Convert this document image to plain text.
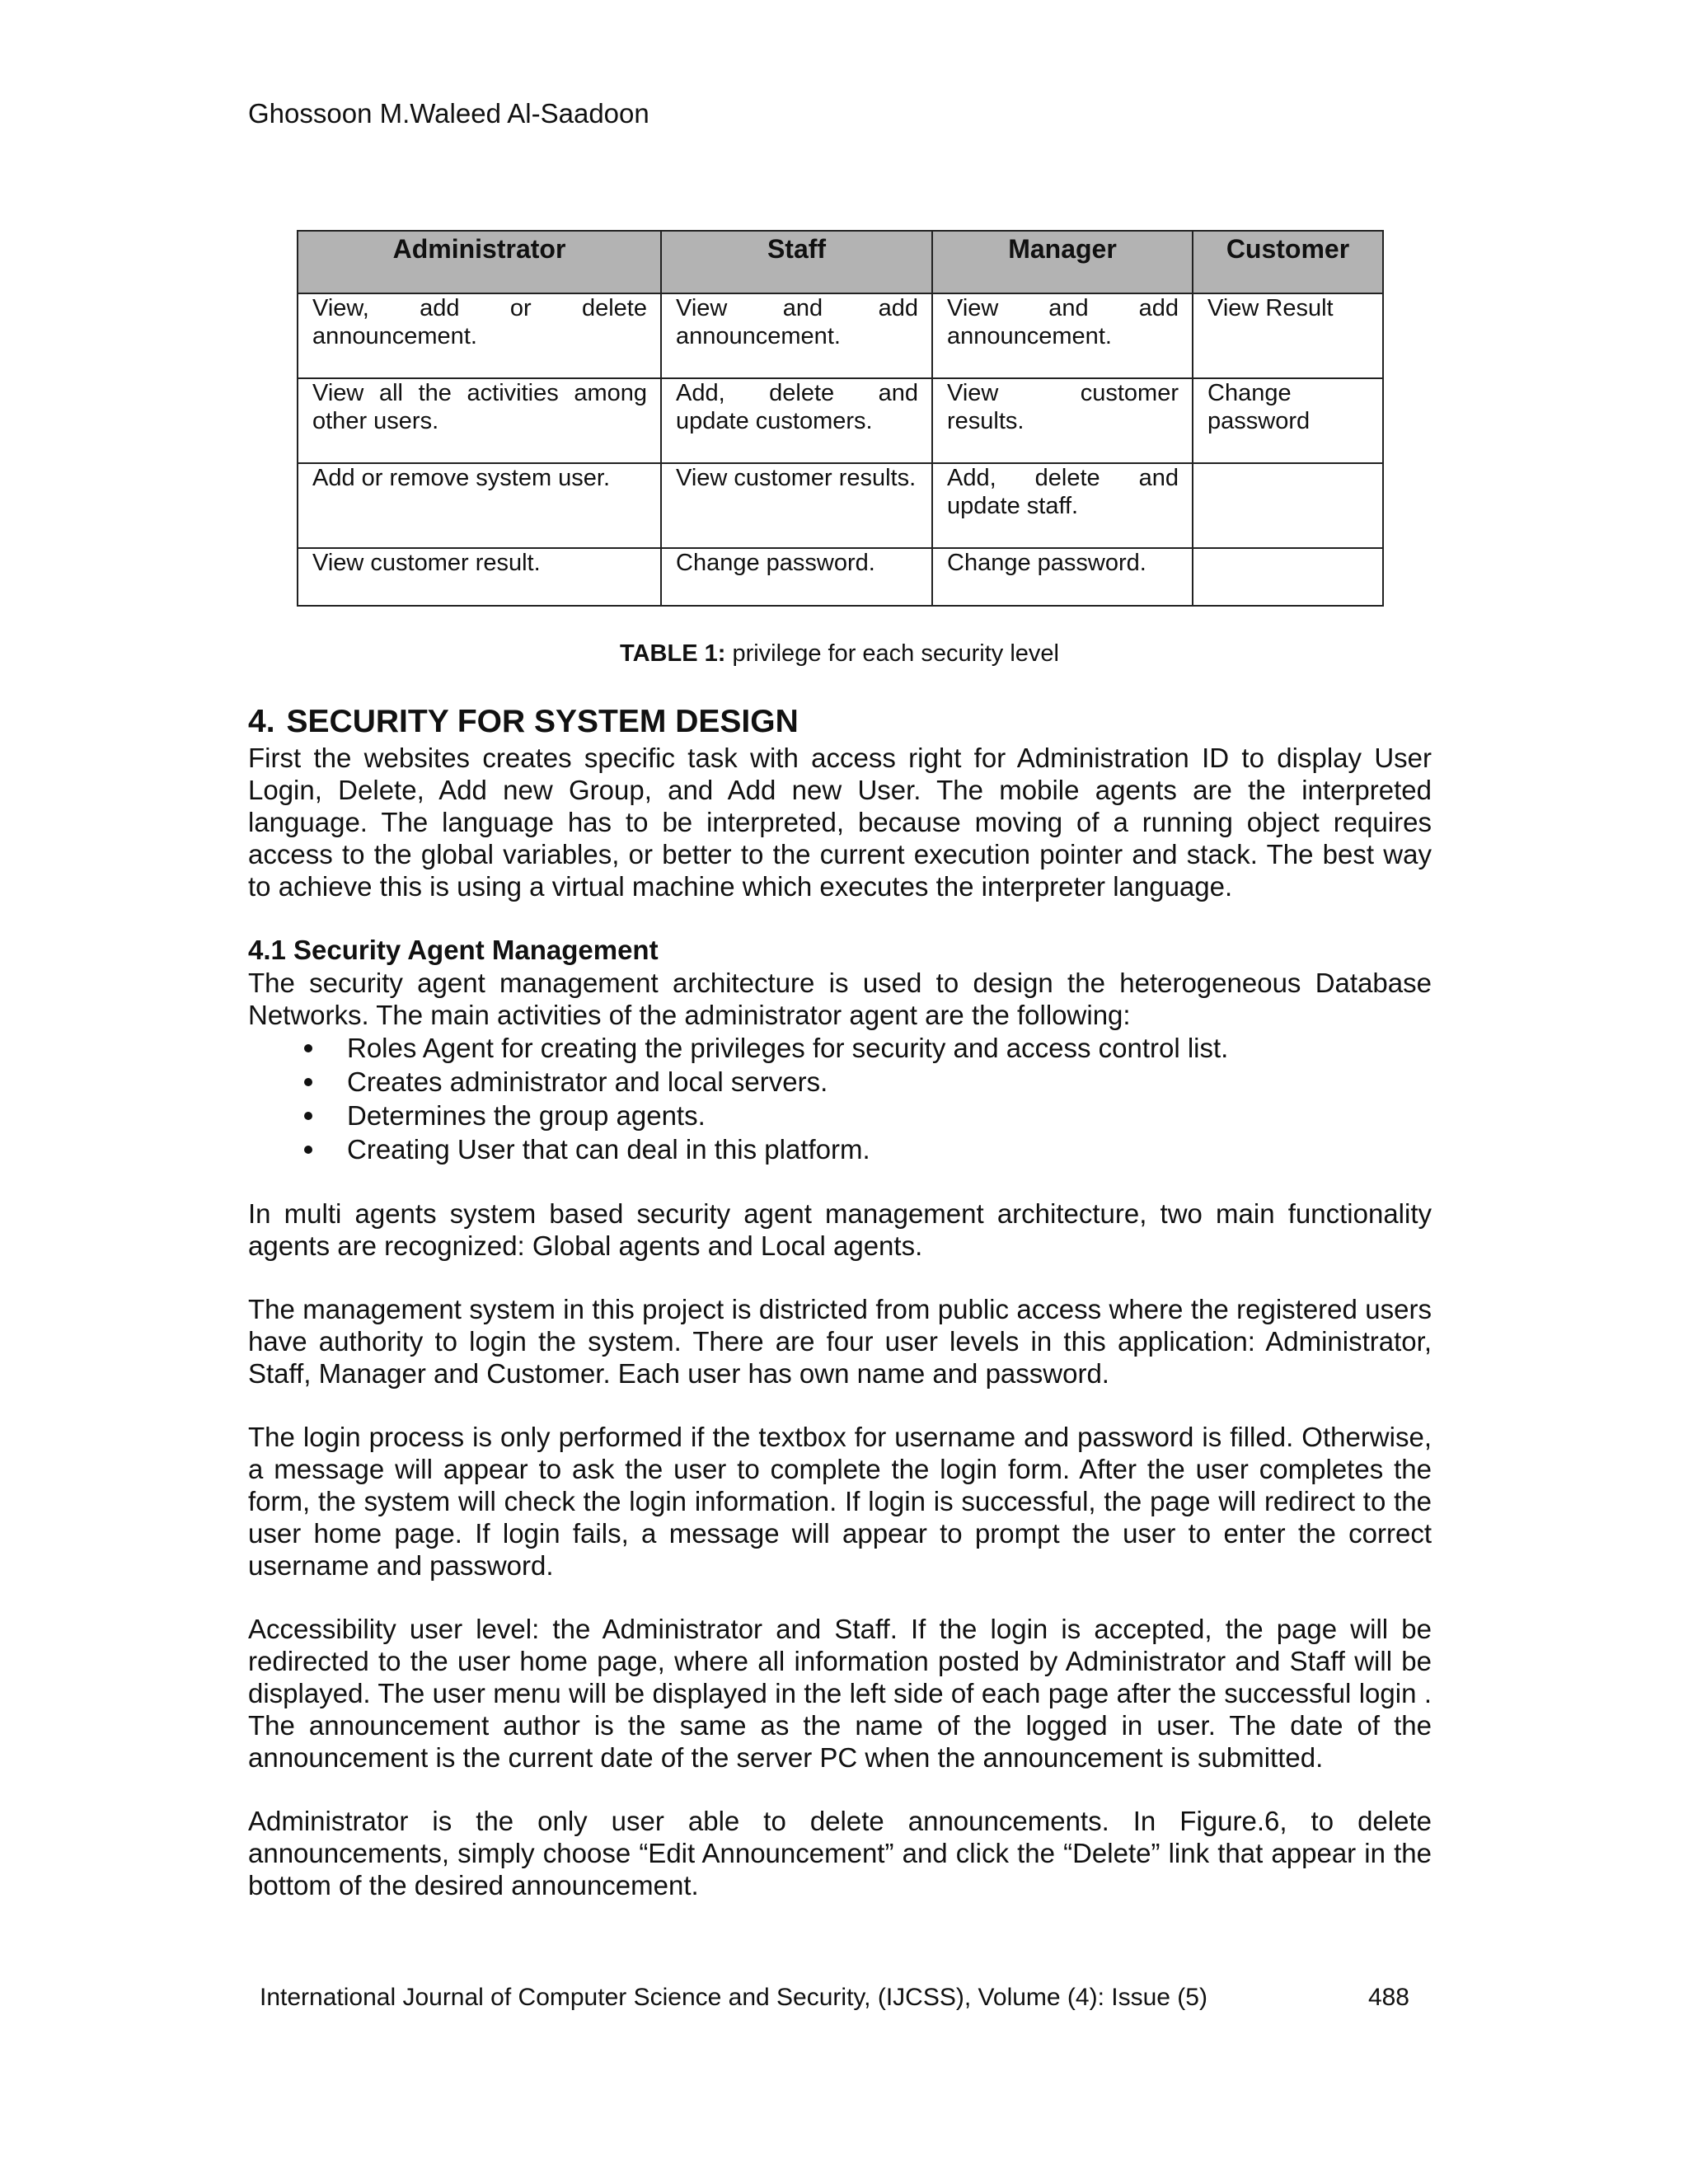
Ghossoon M.Waleed Al-Saadoon
Administrator	Staff	Manager	Customer

View, add or delete announcement.	View and add announcement.	View and add announcement.	View Result

View all the activities among other users.	Add, delete and update customers.	View customer results.	Change password

Add or remove system user.	View customer results.	Add, delete and update staff.	

View customer result.	Change password.	Change password.	

TABLE 1: privilege for each security level

4. SECURITY FOR SYSTEM DESIGN

First the websites creates specific task with access right for Administration ID to display User Login, Delete, Add new Group, and Add new User. The mobile agents are the interpreted language. The language has to be interpreted, because moving of a running object requires access to the global variables, or better to the current execution pointer and stack. The best way to achieve this is using a virtual machine which executes the interpreter language.

4.1 Security Agent Management

The security agent management architecture is used to design the heterogeneous Database Networks. The main activities of the administrator agent are the following:

Roles Agent for creating the privileges for security and access control list.
Creates administrator and local servers.
Determines the group agents.
Creating User that can deal in this platform.

In multi agents system based security agent management architecture, two main functionality agents are recognized: Global agents and Local agents.

The management system in this project is districted from public access where the registered users have authority to login the system. There are four user levels in this application: Administrator, Staff, Manager and Customer. Each user has own name and password.

The login process is only performed if the textbox for username and password is filled. Otherwise, a message will appear to ask the user to complete the login form. After the user completes the form, the system will check the login information. If login is successful, the page will redirect to the user home page. If login fails, a message will appear to prompt the user to enter the correct username and password.

Accessibility user level: the Administrator and Staff. If the login is accepted, the page will be redirected to the user home page, where all information posted by Administrator and Staff will be displayed. The user menu will be displayed in the left side of each page after the successful login . The announcement author is the same as the name of the logged in user. The date of the announcement is the current date of the server PC when the announcement is submitted.

Administrator is the only user able to delete announcements. In Figure.6, to delete announcements, simply choose “Edit Announcement” and click the “Delete” link that appear in the bottom of the desired announcement.

International Journal of Computer Science and Security, (IJCSS), Volume (4): Issue (5)	488
